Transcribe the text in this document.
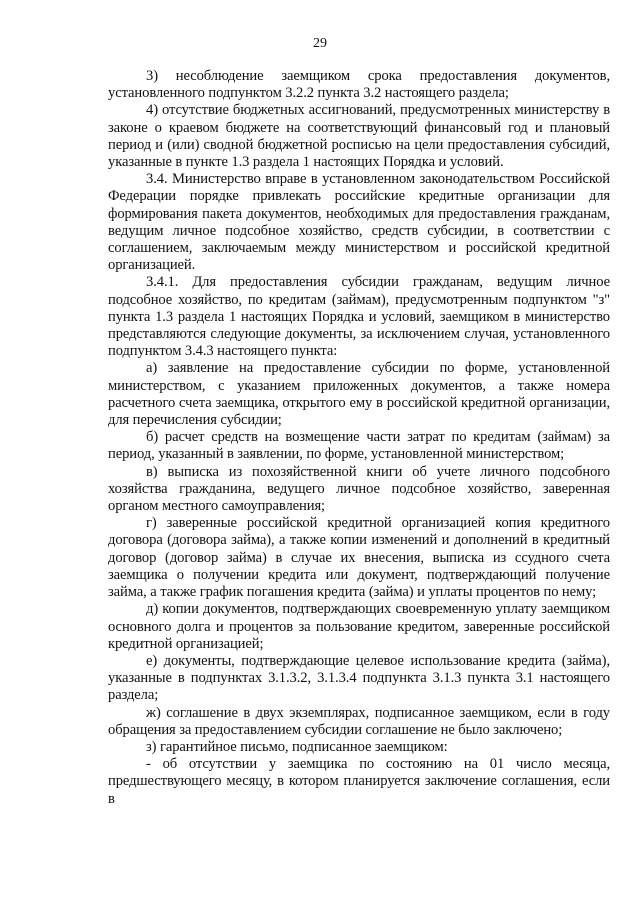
29

3) несоблюдение заемщиком срока предоставления документов, установленного подпунктом 3.2.2 пункта 3.2 настоящего раздела;

4) отсутствие бюджетных ассигнований, предусмотренных министерству в законе о краевом бюджете на соответствующий финансовый год и плановый период и (или) сводной бюджетной росписью на цели предоставления субсидий, указанные в пункте 1.3 раздела 1 настоящих Порядка и условий.

3.4. Министерство вправе в установленном законодательством Российской Федерации порядке привлекать российские кредитные организации для формирования пакета документов, необходимых для предоставления гражданам, ведущим личное подсобное хозяйство, средств субсидии, в соответствии с соглашением, заключаемым между министерством и российской кредитной организацией.

3.4.1. Для предоставления субсидии гражданам, ведущим личное подсобное хозяйство, по кредитам (займам), предусмотренным подпунктом "з" пункта 1.3 раздела 1 настоящих Порядка и условий, заемщиком в министерство представляются следующие документы, за исключением случая, установленного подпунктом 3.4.3 настоящего пункта:

а) заявление на предоставление субсидии по форме, установленной министерством, с указанием приложенных документов, а также номера расчетного счета заемщика, открытого ему в российской кредитной организации, для перечисления субсидии;

б) расчет средств на возмещение части затрат по кредитам (займам) за период, указанный в заявлении, по форме, установленной министерством;

в) выписка из похозяйственной книги об учете личного подсобного хозяйства гражданина, ведущего личное подсобное хозяйство, заверенная органом местного самоуправления;

г) заверенные российской кредитной организацией копия кредитного договора (договора займа), а также копии изменений и дополнений в кредитный договор (договор займа) в случае их внесения, выписка из ссудного счета заемщика о получении кредита или документ, подтверждающий получение займа, а также график погашения кредита (займа) и уплаты процентов по нему;

д) копии документов, подтверждающих своевременную уплату заемщиком основного долга и процентов за пользование кредитом, заверенные российской кредитной организацией;

е) документы, подтверждающие целевое использование кредита (займа), указанные в подпунктах 3.1.3.2, 3.1.3.4 подпункта 3.1.3 пункта 3.1 настоящего раздела;

ж) соглашение в двух экземплярах, подписанное заемщиком, если в году обращения за предоставлением субсидии соглашение не было заключено;

з) гарантийное письмо, подписанное заемщиком:

- об отсутствии у заемщика по состоянию на 01 число месяца, предшествующего месяцу, в котором планируется заключение соглашения, если в
